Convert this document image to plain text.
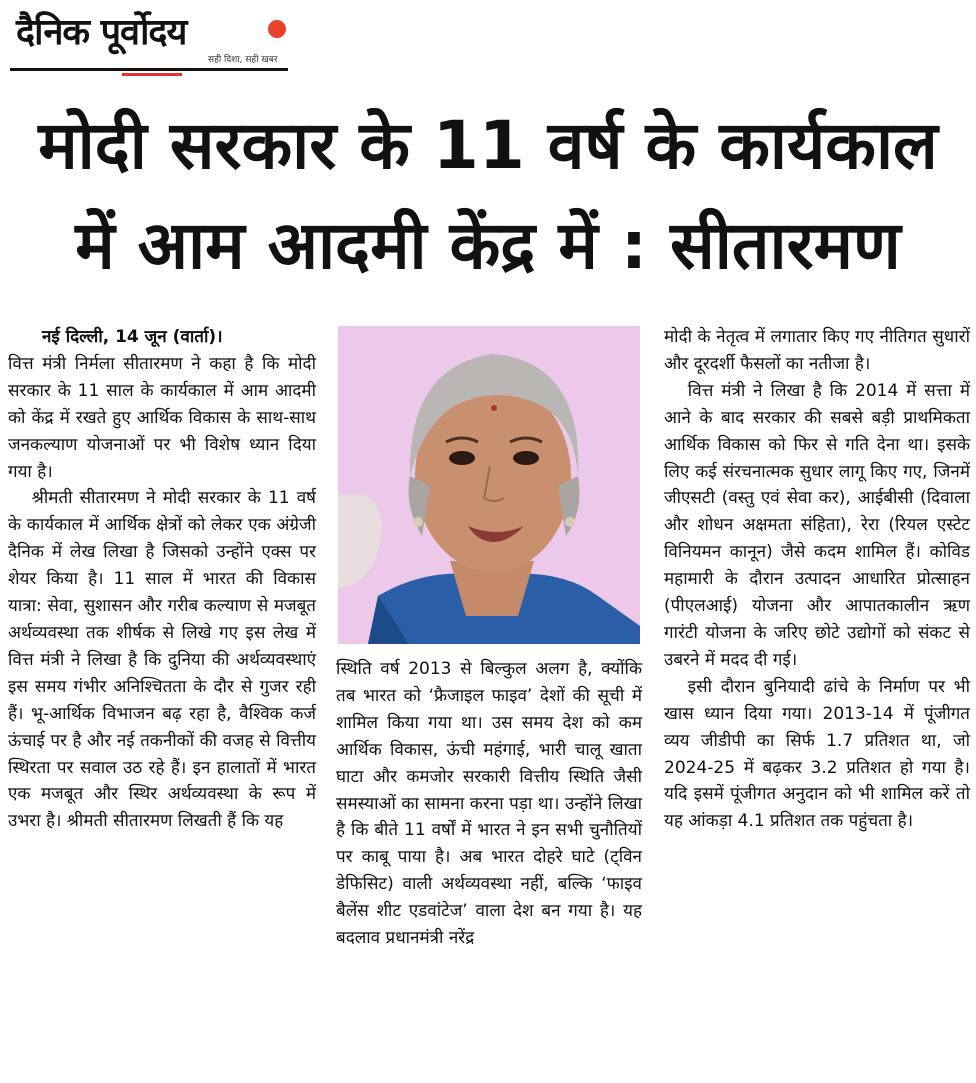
दैनिक पूर्वोदय
सही दिशा, सही खबर
मोदी सरकार के 11 वर्ष के कार्यकाल
में आम आदमी केंद्र में : सीतारमण
नई दिल्ली, 14 जून (वार्ता)।

वित्त मंत्री निर्मला सीतारमण ने कहा है कि मोदी सरकार के 11 साल के कार्यकाल में आम आदमी को केंद्र में रखते हुए आर्थिक विकास के साथ-साथ जनकल्याण योजनाओं पर भी विशेष ध्यान दिया गया है।

श्रीमती सीतारमण ने मोदी सरकार के 11 वर्ष के कार्यकाल में आर्थिक क्षेत्रों को लेकर एक अंग्रेजी दैनिक में लेख लिखा है जिसको उन्होंने एक्स पर शेयर किया है। 11 साल में भारत की विकास यात्रा: सेवा, सुशासन और गरीब कल्याण से मजबूत अर्थव्यवस्था तक शीर्षक से लिखे गए इस लेख में वित्त मंत्री ने लिखा है कि दुनिया की अर्थव्यवस्थाएं इस समय गंभीर अनिश्चितता के दौर से गुजर रही हैं। भू-आर्थिक विभाजन बढ़ रहा है, वैश्विक कर्ज ऊंचाई पर है और नई तकनीकों की वजह से वित्तीय स्थिरता पर सवाल उठ रहे हैं। इन हालातों में भारत एक मजबूत और स्थिर अर्थव्यवस्था के रूप में उभरा है। श्रीमती सीतारमण लिखती हैं कि यह

स्थिति वर्ष 2013 से बिल्कुल अलग है, क्योंकि तब भारत को ‘फ्रैजाइल फाइव’ देशों की सूची में शामिल किया गया था। उस समय देश को कम आर्थिक विकास, ऊंची महंगाई, भारी चालू खाता घाटा और कमजोर सरकारी वित्तीय स्थिति जैसी समस्याओं का सामना करना पड़ा था। उन्होंने लिखा है कि बीते 11 वर्षों में भारत ने इन सभी चुनौतियों पर काबू पाया है। अब भारत दोहरे घाटे (ट्विन डेफिसिट) वाली अर्थव्यवस्था नहीं, बल्कि ‘फाइव बैलेंस शीट एडवांटेज’ वाला देश बन गया है। यह बदलाव प्रधानमंत्री नरेंद्र

मोदी के नेतृत्व में लगातार किए गए नीतिगत सुधारों और दूरदर्शी फैसलों का नतीजा है।

वित्त मंत्री ने लिखा है कि 2014 में सत्ता में आने के बाद सरकार की सबसे बड़ी प्राथमिकता आर्थिक विकास को फिर से गति देना था। इसके लिए कई संरचनात्मक सुधार लागू किए गए, जिनमें जीएसटी (वस्तु एवं सेवा कर), आईबीसी (दिवाला और शोधन अक्षमता संहिता), रेरा (रियल एस्टेट विनियमन कानून) जैसे कदम शामिल हैं। कोविड महामारी के दौरान उत्पादन आधारित प्रोत्साहन (पीएलआई) योजना और आपातकालीन ऋण गारंटी योजना के जरिए छोटे उद्योगों को संकट से उबरने में मदद दी गई।

इसी दौरान बुनियादी ढांचे के निर्माण पर भी खास ध्यान दिया गया। 2013-14 में पूंजीगत व्यय जीडीपी का सिर्फ 1.7 प्रतिशत था, जो 2024-25 में बढ़कर 3.2 प्रतिशत हो गया है। यदि इसमें पूंजीगत अनुदान को भी शामिल करें तो यह आंकड़ा 4.1 प्रतिशत तक पहुंचता है।
